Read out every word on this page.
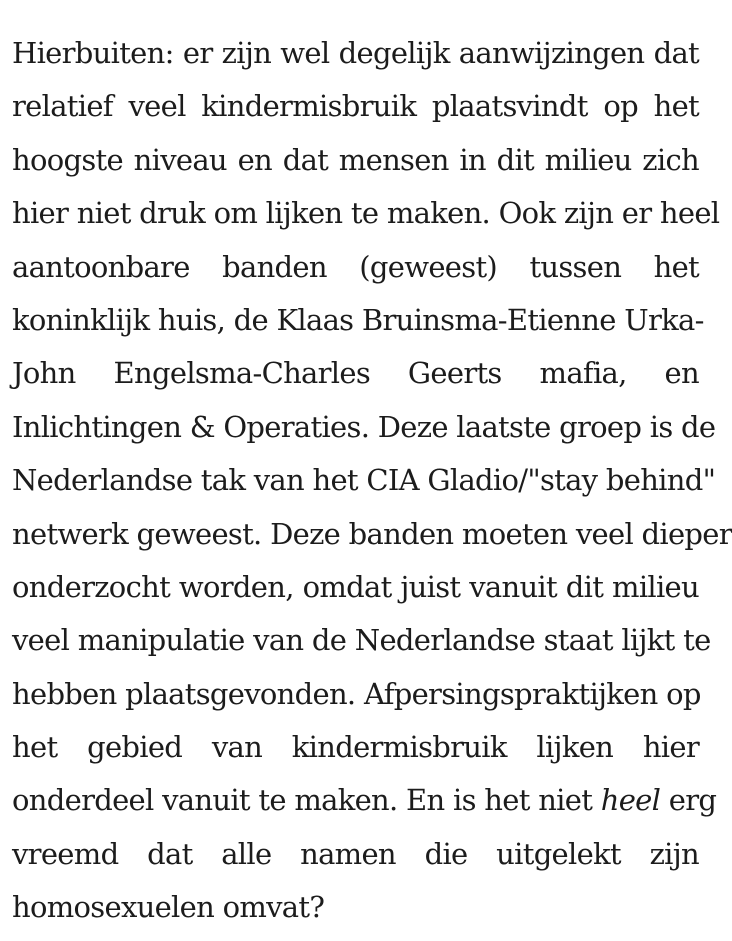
Hierbuiten: er zijn wel degelijk aanwijzingen dat
relatief veel kindermisbruik plaatsvindt op het
hoogste niveau en dat mensen in dit milieu zich
hier niet druk om lijken te maken. Ook zijn er heel
aantoonbare banden (geweest) tussen het
koninklijk huis, de Klaas Bruinsma-Etienne Urka-
John Engelsma-Charles Geerts mafia, en
Inlichtingen & Operaties. Deze laatste groep is de
Nederlandse tak van het CIA Gladio/"stay behind"
netwerk geweest. Deze banden moeten veel dieper
onderzocht worden, omdat juist vanuit dit milieu
veel manipulatie van de Nederlandse staat lijkt te
hebben plaatsgevonden. Afpersingspraktijken op
het gebied van kindermisbruik lijken hier
onderdeel vanuit te maken. En is het niet heel erg
vreemd dat alle namen die uitgelekt zijn
homosexuelen omvat?
